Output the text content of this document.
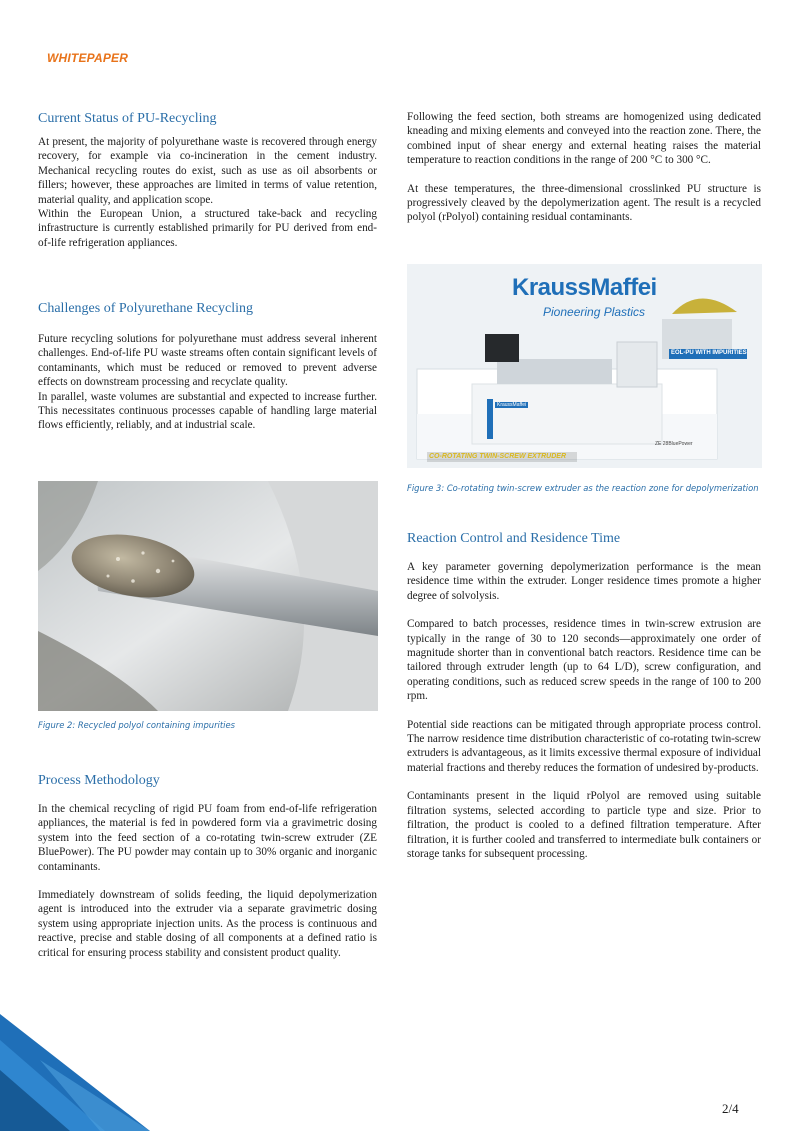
WHITEPAPER
Current Status of PU-Recycling

At present, the majority of polyurethane waste is recovered through energy recovery, for example via co-incineration in the cement industry. Mechanical recycling routes do exist, such as use as oil absorbents or fillers; however, these approaches are limited in terms of value retention, material quality, and application scope.

Within the European Union, a structured take-back and recycling infrastructure is currently established primarily for PU derived from end-of-life refrigeration appliances.

Challenges of Polyurethane Recycling

Future recycling solutions for polyurethane must address several inherent challenges. End-of-life PU waste streams often contain significant levels of contaminants, which must be reduced or removed to prevent adverse effects on downstream processing and recyclate quality.

In parallel, waste volumes are substantial and expected to increase further. This necessitates continuous processes capable of handling large material flows efficiently, reliably, and at industrial scale.

Figure 2: Recycled polyol containing impurities
Process Methodology

In the chemical recycling of rigid PU foam from end-of-life refrigeration appliances, the material is fed in powdered form via a gravimetric dosing system into the feed section of a co-rotating twin-screw extruder (ZE BluePower). The PU powder may contain up to 30% organic and inorganic contaminants.

Immediately downstream of solids feeding, the liquid depolymerization agent is introduced into the extruder via a separate gravimetric dosing system using appropriate injection units. As the process is continuous and reactive, precise and stable dosing of all components at a defined ratio is critical for ensuring process stability and consistent product quality.

Following the feed section, both streams are homogenized using dedicated kneading and mixing elements and conveyed into the reaction zone. There, the combined input of shear energy and external heating raises the material temperature to reaction conditions in the range of 200 °C to 300 °C.

At these temperatures, the three-dimensional crosslinked PU structure is progressively cleaved by the depolymerization agent. The result is a recycled polyol (rPolyol) containing residual contaminants.

KraussMaffei
Pioneering Plastics
EOL-PU WITH IMPURITIES
KraussMaffei
ZE 28BluePower
CO-ROTATING TWIN-SCREW EXTRUDER
Figure 3: Co-rotating twin-screw extruder as the reaction zone for depolymerization
Reaction Control and Residence Time

A key parameter governing depolymerization performance is the mean residence time within the extruder. Longer residence times promote a higher degree of solvolysis.

Compared to batch processes, residence times in twin-screw extrusion are typically in the range of 30 to 120 seconds—approximately one order of magnitude shorter than in conventional batch reactors. Residence time can be tailored through extruder length (up to 64 L/D), screw configuration, and operating conditions, such as reduced screw speeds in the range of 100 to 200 rpm.

Potential side reactions can be mitigated through appropriate process control. The narrow residence time distribution characteristic of co-rotating twin-screw extruders is advantageous, as it limits excessive thermal exposure of individual material fractions and thereby reduces the formation of undesired by-products.

Contaminants present in the liquid rPolyol are removed using suitable filtration systems, selected according to particle type and size. Prior to filtration, the product is cooled to a defined filtration temperature. After filtration, it is further cooled and transferred to intermediate bulk containers or storage tanks for subsequent processing.

2/4
